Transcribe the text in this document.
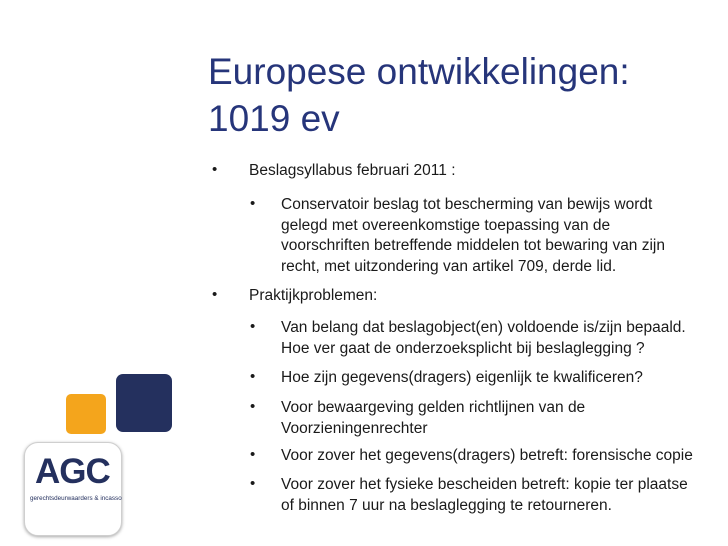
Europese ontwikkelingen:
1019 ev
• Beslagsyllabus februari 2011 :
• Conservatoir beslag tot bescherming van bewijs wordt
gelegd met overeenkomstige toepassing van de
voorschriften betreffende middelen tot bewaring van zijn
recht, met uitzondering van artikel 709, derde lid.
• Praktijkproblemen:
• Van belang dat beslagobject(en) voldoende is/zijn bepaald.
Hoe ver gaat de onderzoeksplicht bij beslaglegging ?
• Hoe zijn gegevens(dragers) eigenlijk te kwalificeren?
• Voor bewaargeving gelden richtlijnen van de
Voorzieningenrechter
• Voor zover het gegevens(dragers) betreft: forensische copie
• Voor zover het fysieke bescheiden betreft: kopie ter plaatse
of binnen 7 uur na beslaglegging te retourneren.
AGC
gerechtsdeurwaarders & incasso
